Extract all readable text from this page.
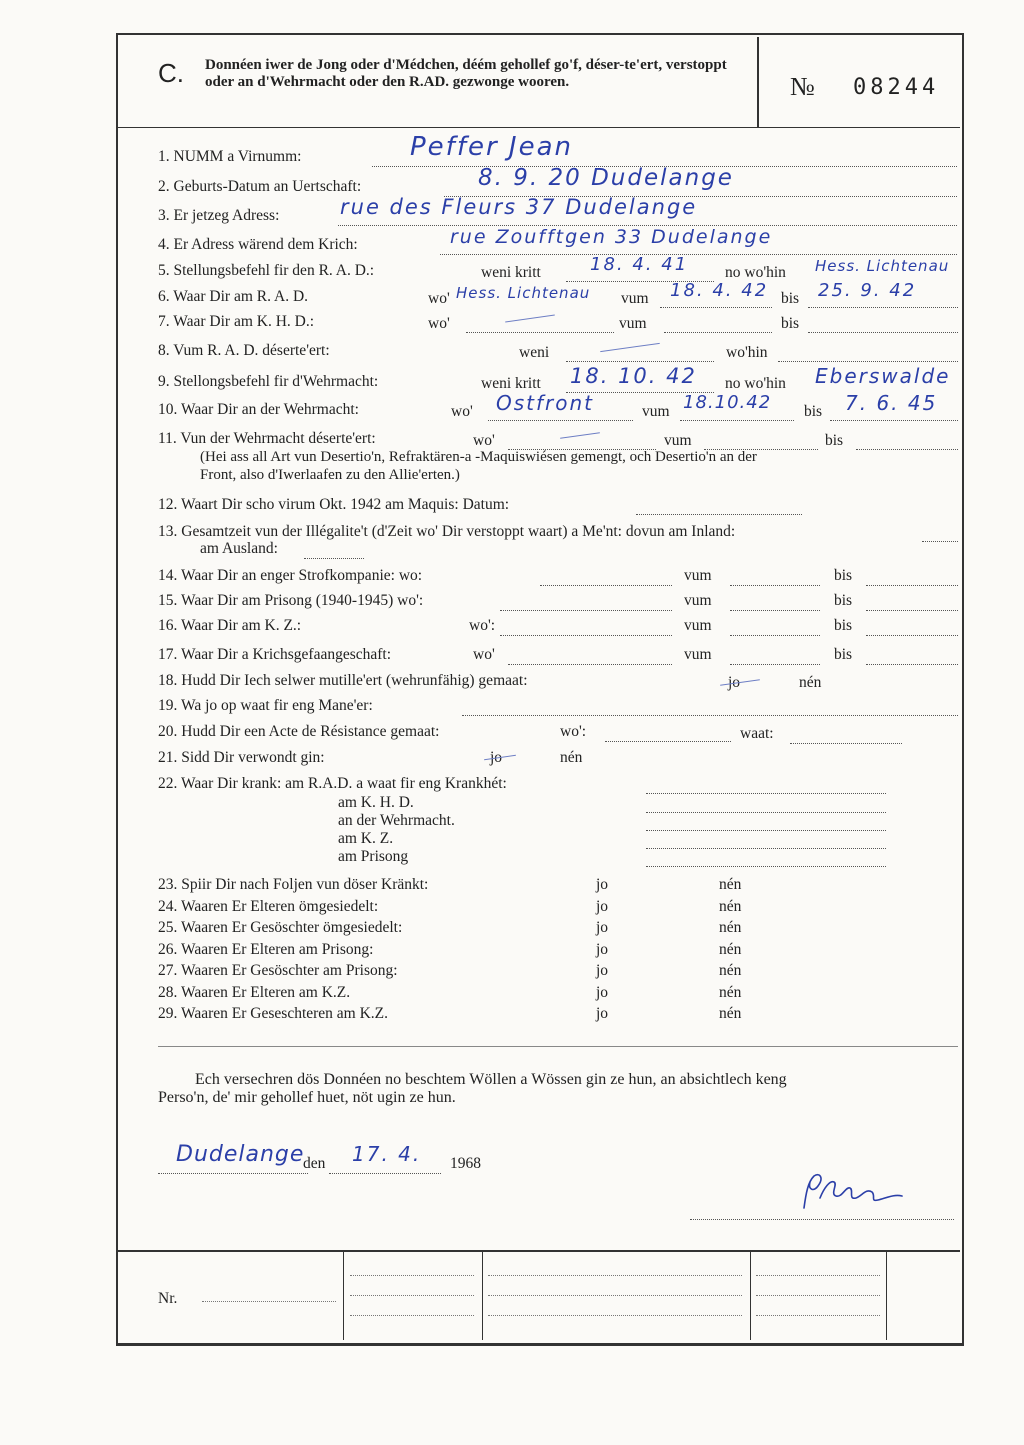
C. Donnéen iwer de Jong oder d'Médchen, déém gehollef go'f, déser-te'ert, verstoppt oder an d'Wehrmacht oder den R.AD. gezwonge wooren.	№ 08244
1. NUMM a Virnumm:	Peffer Jean
2. Geburts-Datum an Uertschaft:	8. 9. 20 Dudelange
3. Er jetzeg Adress:	rue des Fleurs 37 Dudelange
4. Er Adress wärend dem Krich:	rue Zoufftgen 33 Dudelange
5. Stellungsbefehl fir den R. A. D.:	weni kritt	18. 4. 41 no wo'hin Hess. Lichtenau
6. Waar Dir am R. A. D.	wo' Hess. Lichtenau vum 18. 4. 42 bis 25. 9. 42
7. Waar Dir am K. H. D.:	wo'	vum	bis
8. Vum R. A. D. déserte'ert:	weni	wo'hin
9. Stellongsbefehl fir d'Wehrmacht:	weni kritt 18. 10. 42 no wo'hin Eberswalde
10. Waar Dir an der Wehrmacht:	wo' Ostfront	vum 18.10.42 bis 7. 6. 45
11. Vun der Wehrmacht déserte'ert:	wo'	vum	bis
(Hei ass all Art vun Desertio'n, Refraktären-a -Maquiswiésen gemengt, och Desertio'n an der
Front, also d'Iwerlaafen zu den Allie'erten.)
12. Waart Dir scho virum Okt. 1942 am Maquis: Datum:
13. Gesamtzeit vun der Illégalite't (d'Zeit wo' Dir verstoppt waart) a Me'nt: dovun am Inland:
am Ausland:
14. Waar Dir an enger Strofkompanie: wo:	vum	bis
15. Waar Dir am Prisong (1940-1945) wo':	vum	bis
16. Waar Dir am K. Z.:	wo':	vum	bis
17. Waar Dir a Krichsgefaangeschaft:	wo'	vum	bis
18. Hudd Dir Iech selwer mutille'ert (wehrunfähig) gemaat:	nén
19. Wa jo op waat fir eng Mane'er:
20. Hudd Dir een Acte de Résistance gemaat:	wo':	waat:
21. Sidd Dir verwondt gin:	nén
22. Waar Dir krank: am R.A.D. a waat fir eng Krankhét:
am K. H. D.
an der Wehrmacht.
am K. Z.
am Prisong
23. Spiir Dir nach Foljen vun döser Kränkt:	jo	nén
24. Waaren Er Elteren ömgesiedelt:	jo	nén
25. Waaren Er Gesöschter ömgesiedelt:	jo	nén
26. Waaren Er Elteren am Prisong:	jo	nén
27. Waaren Er Gesöschter am Prisong:	jo	nén
28. Waaren Er Elteren am K.Z.	jo	nén
29. Waaren Er Geseschteren am K.Z.	jo	nén
Ech versechren dös Donnéen no beschtem Wöllen a Wössen gin ze hun, an absichtlech keng
Perso'n, de' mir gehollef huet, nöt ugin ze hun.
Dudelange
den 17. 4. 1968
Nr.
